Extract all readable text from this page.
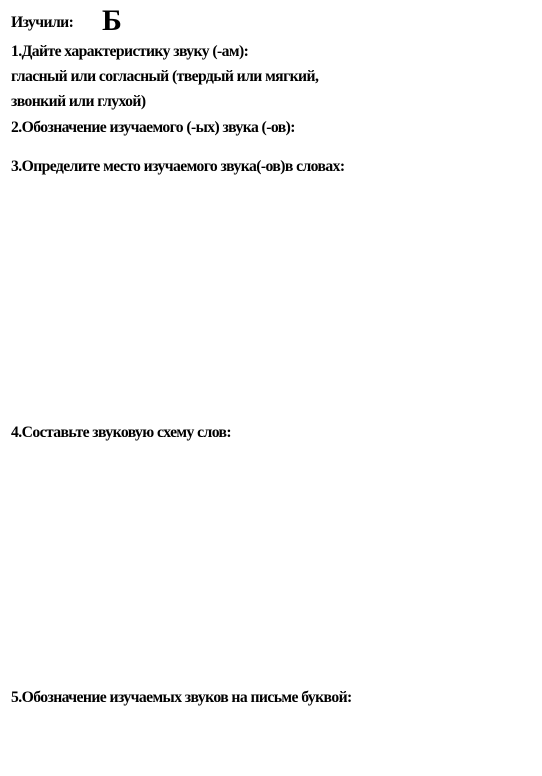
Изучили: Б
1.Дайте характеристику звуку (-ам):
гласный или согласный (твердый или мягкий,
звонкий или глухой)
2.Обозначение изучаемого (-ых) звука (-ов):
3.Определите место изучаемого звука(-ов)в словах:
4.Составьте звуковую схему слов:
5.Обозначение изучаемых звуков на письме буквой:
